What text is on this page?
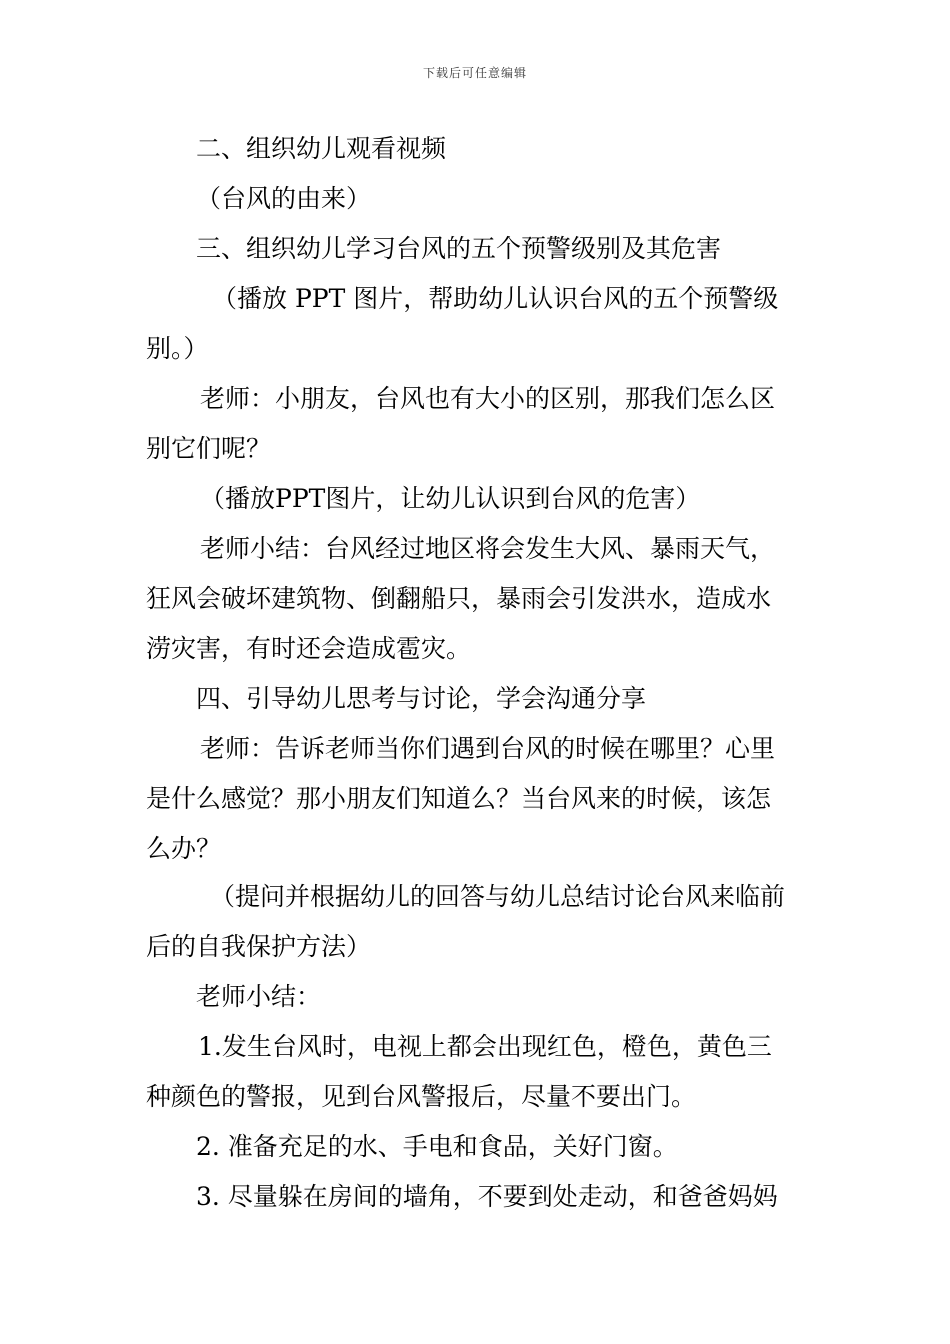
下载后可任意编辑
二、组织幼儿观看视频
（台风的由来）
三、组织幼儿学习台风的五个预警级别及其危害
（播放 PPT 图片，帮助幼儿认识台风的五个预警级
别。）
老师：小朋友，台风也有大小的区别，那我们怎么区
别它们呢？
（播放PPT图片，让幼儿认识到台风的危害）
老师小结：台风经过地区将会发生大风、暴雨天气，
狂风会破坏建筑物、倒翻船只，暴雨会引发洪水，造成水
涝灾害，有时还会造成雹灾。
四、引导幼儿思考与讨论，学会沟通分享
老师：告诉老师当你们遇到台风的时候在哪里？心里
是什么感觉？那小朋友们知道么？当台风来的时候，该怎
么办？
（提问并根据幼儿的回答与幼儿总结讨论台风来临前
后的自我保护方法）
老师小结：
1.发生台风时，电视上都会出现红色，橙色，黄色三
种颜色的警报，见到台风警报后，尽量不要出门。
2. 准备充足的水、手电和食品，关好门窗。
3. 尽量躲在房间的墙角，不要到处走动，和爸爸妈妈
